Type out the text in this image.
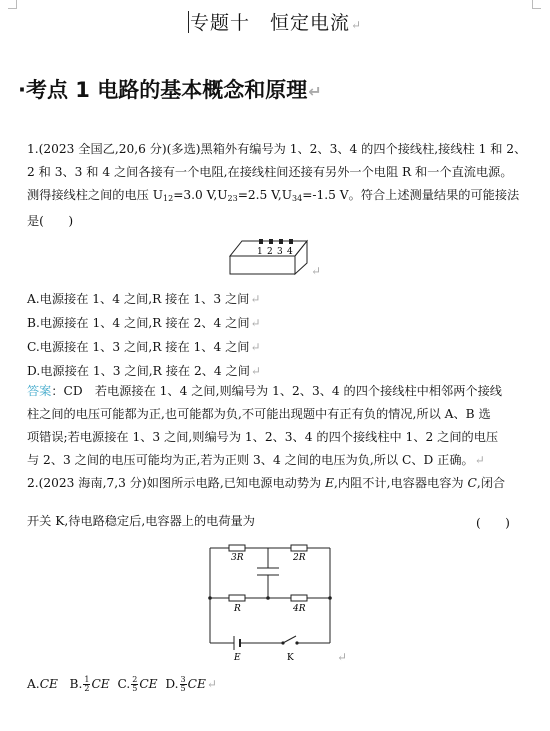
专题十　恒定电流↵
·考点 1 电路的基本概念和原理↵
1.(2023 全国乙,20,6 分)(多选)黑箱外有编号为 1、2、3、4 的四个接线柱,接线柱 1 和 2、
2 和 3、3 和 4 之间各接有一个电阻,在接线柱间还接有另外一个电阻 R 和一个直流电源。
测得接线柱之间的电压 $U_{12}=3.0$ $V,U_{23}=2.5$ $V,U_{34}=-1.5$ V。符合上述测量结果的可能接法
是(　　)
1 2 3 4
↵
A.电源接在 1、4 之间,R 接在 1、3 之间↵
B.电源接在 1、4 之间,R 接在 2、4 之间↵
C.电源接在 1、3 之间,R 接在 1、4 之间↵
D.电源接在 1、3 之间,R 接在 2、4 之间↵
答案：CD　若电源接在 1、4 之间,则编号为 1、2、3、4 的四个接线柱中相邻两个接线
柱之间的电压可能都为正,也可能都为负,不可能出现题中有正有负的情况,所以 A、B 选
项错误;若电源接在 1、3 之间,则编号为 1、2、3、4 的四个接线柱中 1、2 之间的电压
与 2、3 之间的电压可能均为正,若为正则 3、4 之间的电压为负,所以 C、D 正确。↵
2.(2023 海南,7,3 分)如图所示电路,已知电源电动势为 E,内阻不计,电容器电容为 C,闭合
开关 K,待电路稳定后,电容器上的电荷量为	(　　)
3R	2R
R	4R
E	K	↵
A.CE B. $\frac{1}{2}$ CE C. $\frac{2}{5}$ CE D. $\frac{3}{5}$ CE↵
